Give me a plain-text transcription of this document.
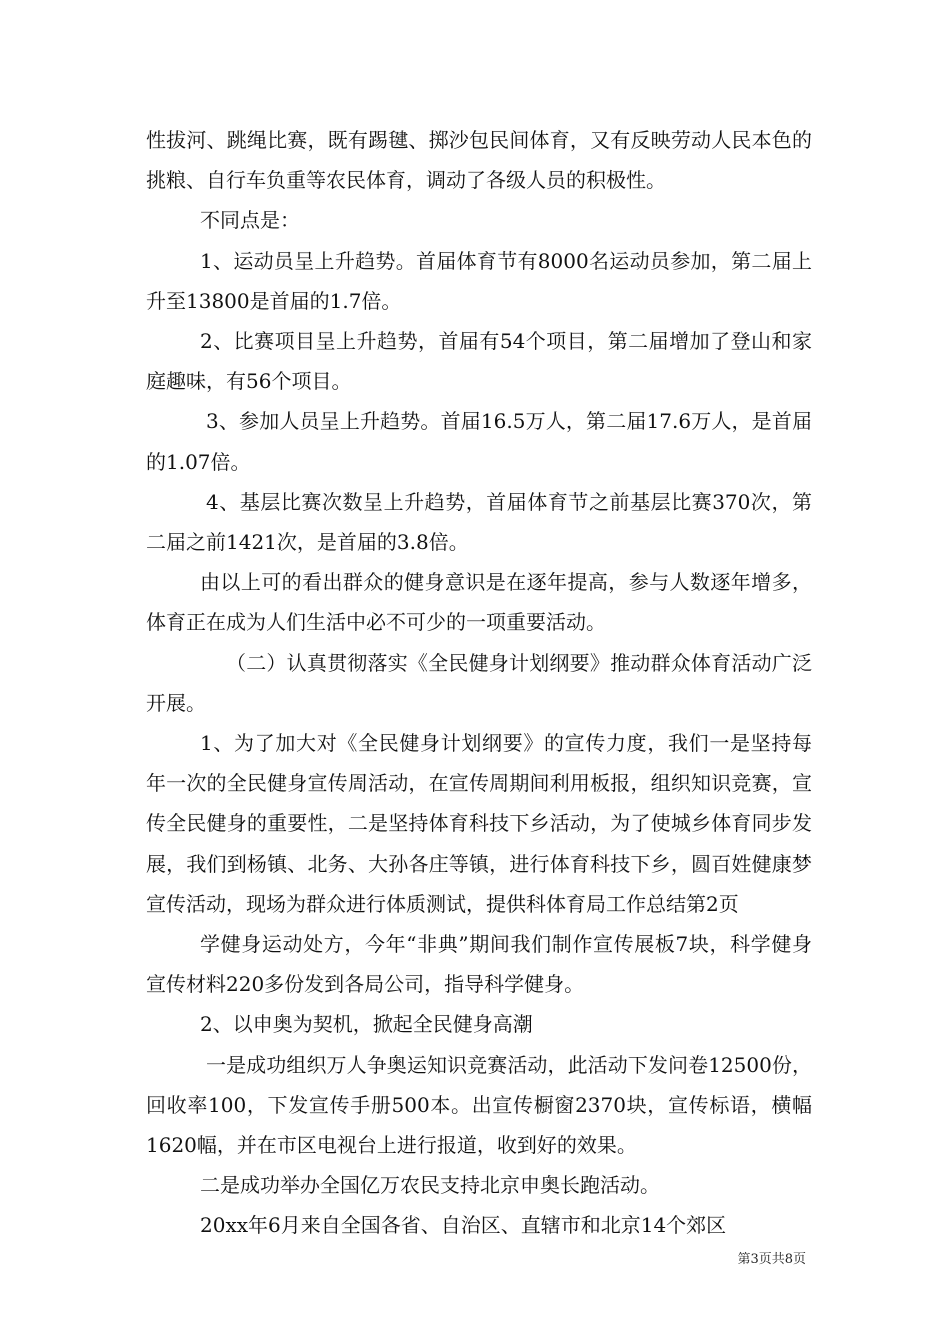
性拔河、跳绳比赛，既有踢毽、掷沙包民间体育，又有反映劳动人民本色的挑粮、自行车负重等农民体育，调动了各级人员的积极性。

不同点是：

1、运动员呈上升趋势。首届体育节有8000名运动员参加，第二届上升至13800是首届的1.7倍。

2、比赛项目呈上升趋势，首届有54个项目，第二届增加了登山和家庭趣味，有56个项目。

3、参加人员呈上升趋势。首届16.5万人，第二届17.6万人，是首届的1.07倍。

4、基层比赛次数呈上升趋势，首届体育节之前基层比赛370次，第二届之前1421次，是首届的3.8倍。

由以上可的看出群众的健身意识是在逐年提高，参与人数逐年增多，体育正在成为人们生活中必不可少的一项重要活动。

（二）认真贯彻落实《全民健身计划纲要》推动群众体育活动广泛开展。

1、为了加大对《全民健身计划纲要》的宣传力度，我们一是坚持每年一次的全民健身宣传周活动，在宣传周期间利用板报，组织知识竞赛，宣传全民健身的重要性，二是坚持体育科技下乡活动，为了使城乡体育同步发展，我们到杨镇、北务、大孙各庄等镇，进行体育科技下乡，圆百姓健康梦宣传活动，现场为群众进行体质测试，提供科体育局工作总结第2页

学健身运动处方，今年“非典”期间我们制作宣传展板7块，科学健身宣传材料220多份发到各局公司，指导科学健身。

2、以申奥为契机，掀起全民健身高潮

一是成功组织万人争奥运知识竞赛活动，此活动下发问卷12500份，回收率100，下发宣传手册500本。出宣传橱窗2370块，宣传标语，横幅1620幅，并在市区电视台上进行报道，收到好的效果。

二是成功举办全国亿万农民支持北京申奥长跑活动。

20xx年6月来自全国各省、自治区、直辖市和北京14个郊区

第3页共8页
